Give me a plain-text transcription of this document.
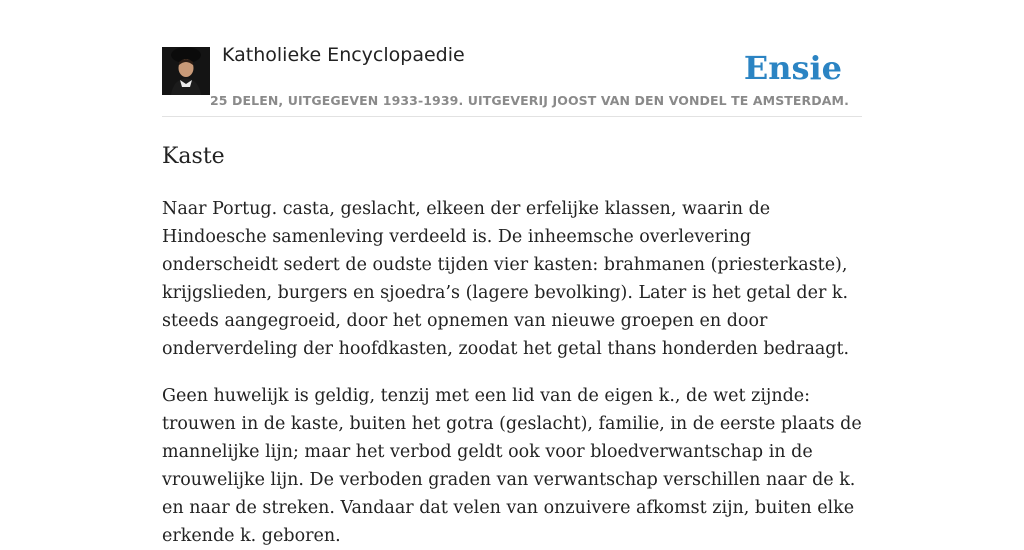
Katholieke Encyclopaedie
25 DELEN, UITGEGEVEN 1933-1939. UITGEVERIJ JOOST VAN DEN VONDEL TE AMSTERDAM.
Ensie
Kaste

Naar Portug. casta, geslacht, elkeen der erfelijke klassen, waarin de Hindoesche samenleving verdeeld is. De inheemsche overlevering onderscheidt sedert de oudste tijden vier kasten: brahmanen (priesterkaste), krijgslieden, burgers en sjoedra’s (lagere bevolking). Later is het getal der k. steeds aangegroeid, door het opnemen van nieuwe groepen en door onderverdeling der hoofdkasten, zoodat het getal thans honderden bedraagt.

Geen huwelijk is geldig, tenzij met een lid van de eigen k., de wet zijnde: trouwen in de kaste, buiten het gotra (geslacht), familie, in de eerste plaats de mannelijke lijn; maar het verbod geldt ook voor bloedverwantschap in de vrouwelijke lijn. De verboden graden van verwantschap verschillen naar de k. en naar de streken. Vandaar dat velen van onzuivere afkomst zijn, buiten elke erkende k. geboren.
